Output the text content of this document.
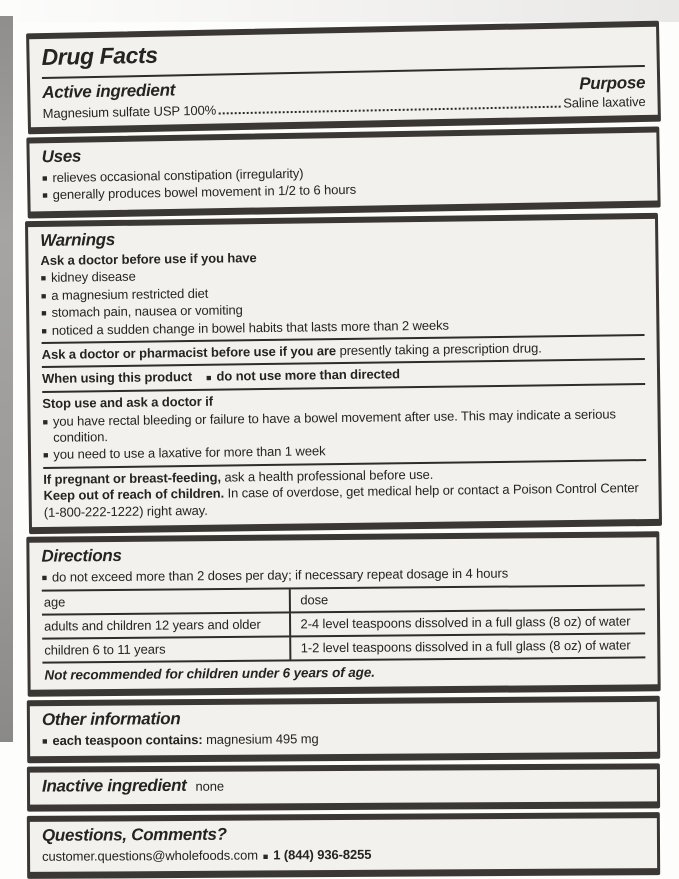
Drug Facts
Active ingredient	Purpose
Magnesium sulfate USP 100%
Saline laxative
Uses
■ relieves occasional constipation (irregularity)
■ generally produces bowel movement in 1/2 to 6 hours
Warnings
Ask a doctor before use if you have
■ kidney disease
■ a magnesium restricted diet
■ stomach pain, nausea or vomiting
■ noticed a sudden change in bowel habits that lasts more than 2 weeks
Ask a doctor or pharmacist before use if you are presently taking a prescription drug.
When using this product ■ do not use more than directed
Stop use and ask a doctor if
■ you have rectal bleeding or failure to have a bowel movement after use. This may indicate a serious condition.
■ you need to use a laxative for more than 1 week
If pregnant or breast-feeding, ask a health professional before use.
Keep out of reach of children. In case of overdose, get medical help or contact a Poison Control Center (1-800-222-1222) right away.
Directions
■ do not exceed more than 2 doses per day; if necessary repeat dosage in 4 hours
age	dose
adults and children 12 years and older	2-4 level teaspoons dissolved in a full glass (8 oz) of water
children 6 to 11 years	1-2 level teaspoons dissolved in a full glass (8 oz) of water
Not recommended for children under 6 years of age.
Other information
■ each teaspoon contains: magnesium 495 mg
Inactive ingredient none
Questions, Comments?
customer.questions@wholefoods.com ■ 1 (844) 936-8255
